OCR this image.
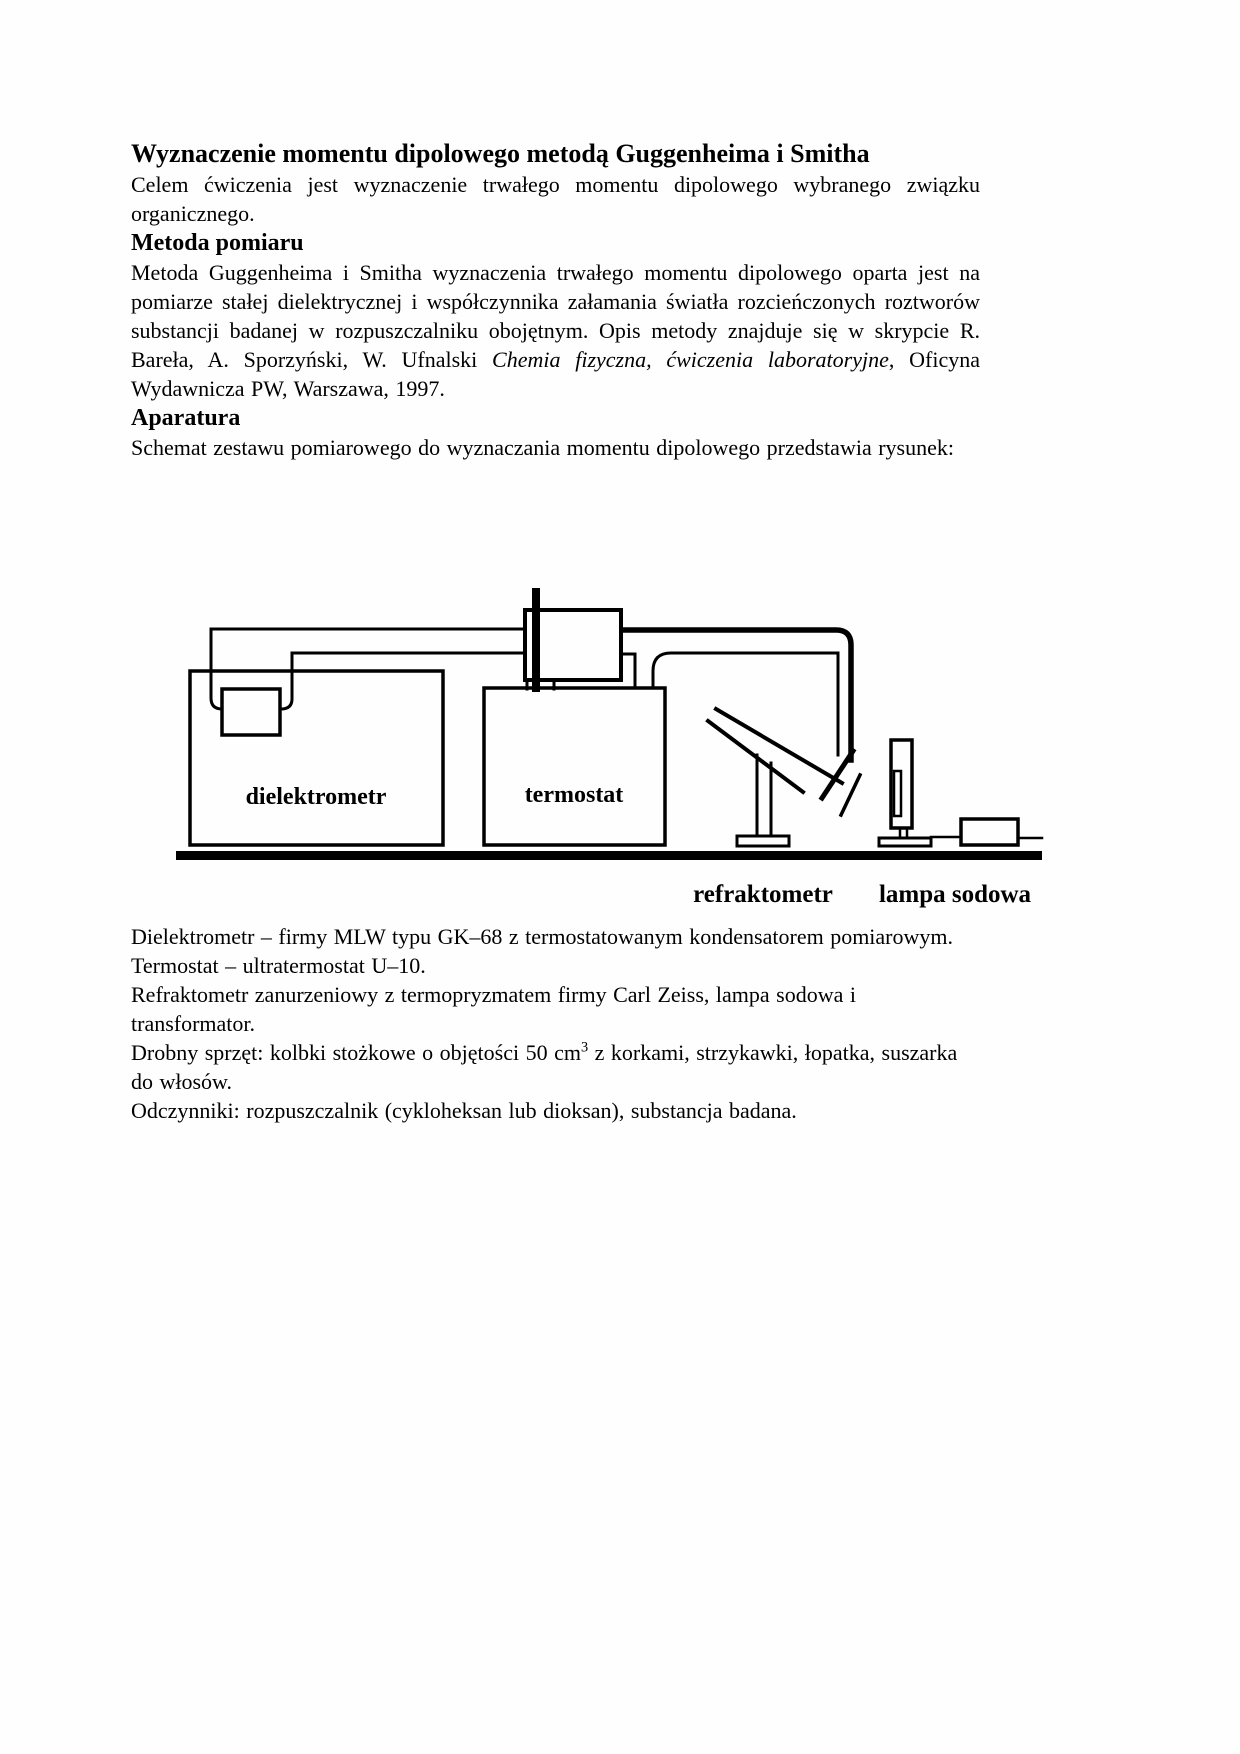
Wyznaczenie momentu dipolowego metodą Guggenheima i Smitha

Celem ćwiczenia jest wyznaczenie trwałego momentu dipolowego wybranego związku organicznego.

Metoda pomiaru

Metoda Guggenheima i Smitha wyznaczenia trwałego momentu dipolowego oparta jest na pomiarze stałej dielektrycznej i współczynnika załamania światła rozcieńczonych roztworów substancji badanej w rozpuszczalniku obojętnym. Opis metody znajduje się w skrypcie R. Bareła, A. Sporzyński, W. Ufnalski Chemia fizyczna, ćwiczenia laboratoryjne, Oficyna Wydawnicza PW, Warszawa, 1997.

Aparatura

Schemat zestawu pomiarowego do wyznaczania momentu dipolowego przedstawia rysunek:

dielektrometr	termostat
refraktometr lampa sodowa

Dielektrometr – firmy MLW typu GK–68 z termostatowanym kondensatorem pomiarowym.

Termostat – ultratermostat U–10.

Refraktometr zanurzeniowy z termopryzmatem firmy Carl Zeiss, lampa sodowa i transformator.

Drobny sprzęt: kolbki stożkowe o objętości 50 $cm^3$ z korkami, strzykawki, łopatka, suszarka do włosów.

Odczynniki: rozpuszczalnik (cykloheksan lub dioksan), substancja badana.
